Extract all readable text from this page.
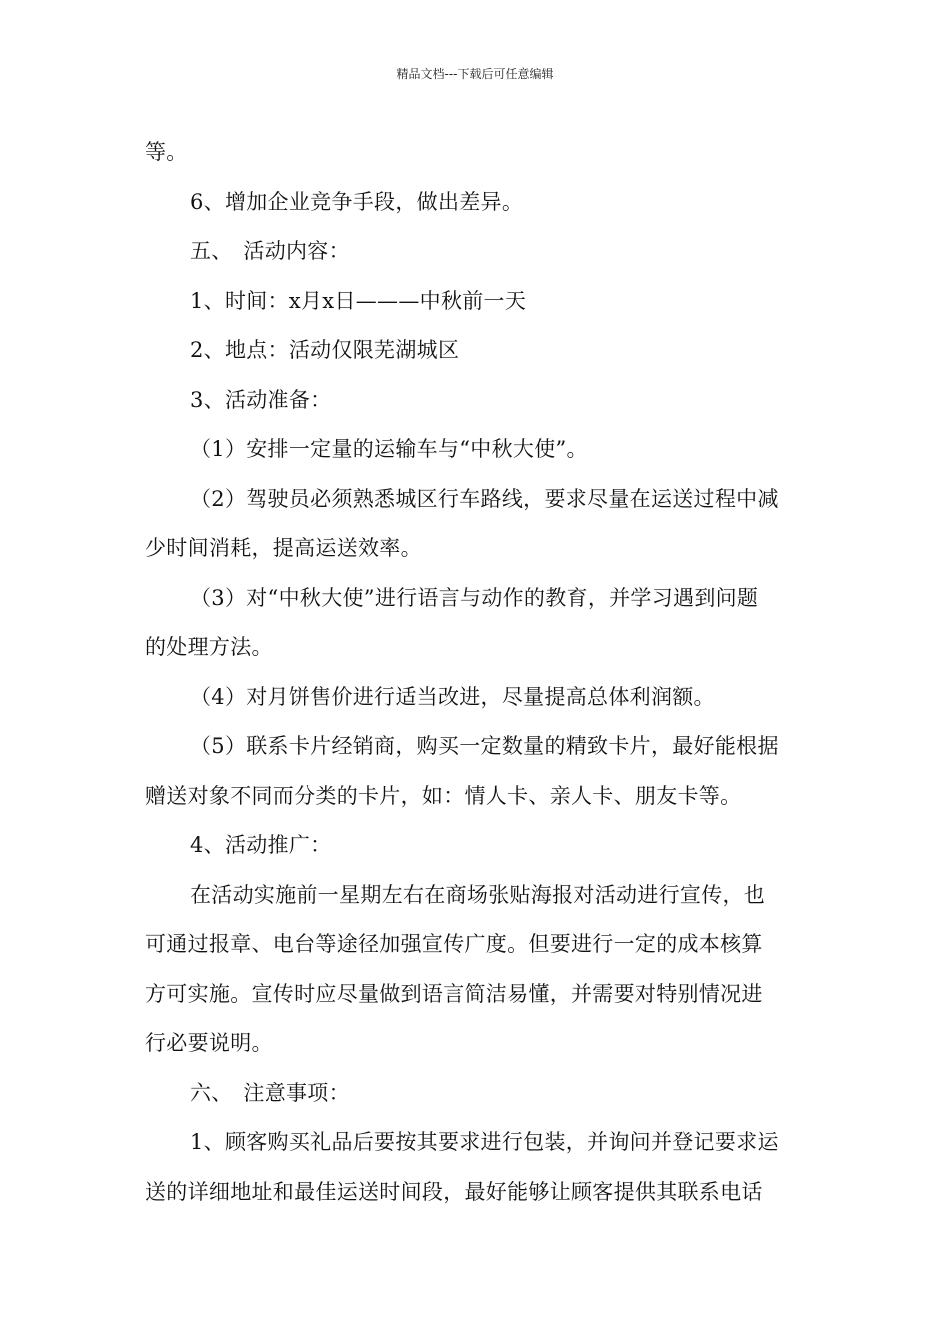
精品文档---下载后可任意编辑
等。
6、增加企业竞争手段，做出差异。
五、　活动内容：
1、时间：x月x日———中秋前一天
2、地点：活动仅限芜湖城区
3、活动准备：
（1）安排一定量的运输车与“中秋大使”。
（2）驾驶员必须熟悉城区行车路线，要求尽量在运送过程中减
少时间消耗，提高运送效率。
（3）对“中秋大使”进行语言与动作的教育，并学习遇到问题
的处理方法。
（4）对月饼售价进行适当改进，尽量提高总体利润额。
（5）联系卡片经销商，购买一定数量的精致卡片，最好能根据
赠送对象不同而分类的卡片，如：情人卡、亲人卡、朋友卡等。
4、活动推广：
在活动实施前一星期左右在商场张贴海报对活动进行宣传，也
可通过报章、电台等途径加强宣传广度。但要进行一定的成本核算
方可实施。宣传时应尽量做到语言简洁易懂，并需要对特别情况进
行必要说明。
六、　注意事项：
1、顾客购买礼品后要按其要求进行包装，并询问并登记要求运
送的详细地址和最佳运送时间段，最好能够让顾客提供其联系电话
